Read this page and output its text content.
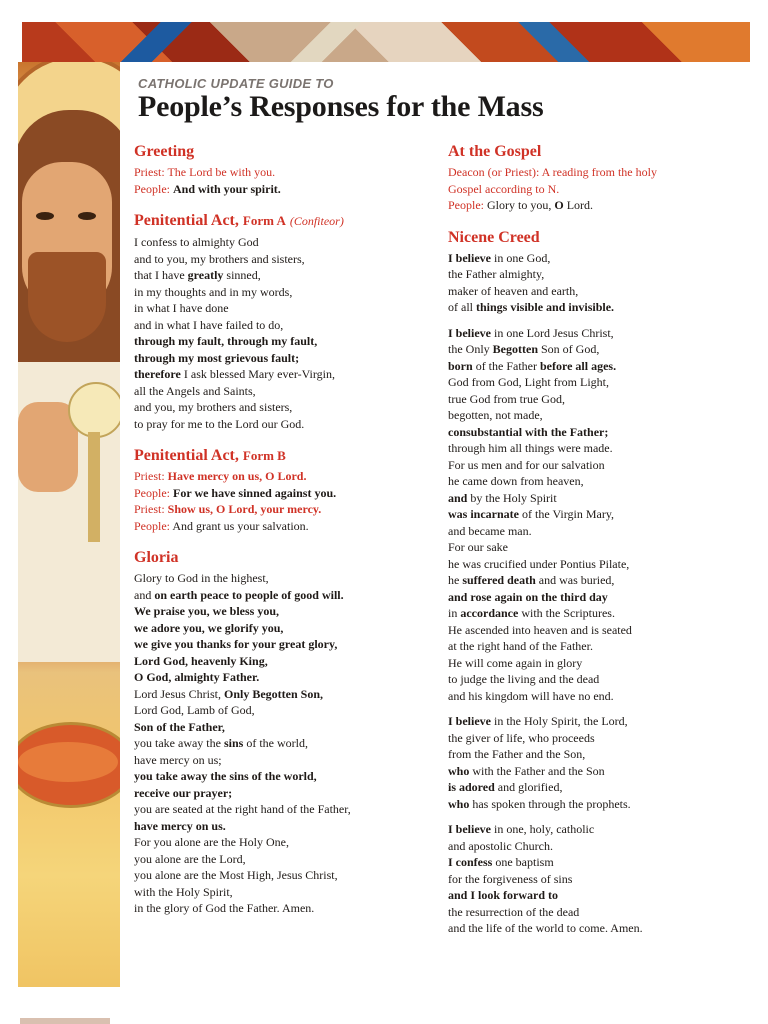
CATHOLIC UPDATE GUIDE TO
People’s Responses for the Mass
Greeting
Priest: The Lord be with you.
People: And with your spirit.
Penitential Act, Form A (Confiteor)
I confess to almighty God
and to you, my brothers and sisters,
that I have greatly sinned,
in my thoughts and in my words,
in what I have done
and in what I have failed to do,
through my fault, through my fault,
through my most grievous fault;
therefore I ask blessed Mary ever-Virgin,
all the Angels and Saints,
and you, my brothers and sisters,
to pray for me to the Lord our God.
Penitential Act, Form B
Priest: Have mercy on us, O Lord.
People: For we have sinned against you.
Priest: Show us, O Lord, your mercy.
People: And grant us your salvation.
Gloria
Glory to God in the highest,
and on earth peace to people of good will.
We praise you, we bless you,
we adore you, we glorify you,
we give you thanks for your great glory,
Lord God, heavenly King,
O God, almighty Father.
Lord Jesus Christ, Only Begotten Son,
Lord God, Lamb of God,
Son of the Father,
you take away the sins of the world,
have mercy on us;
you take away the sins of the world,
receive our prayer;
you are seated at the right hand of the Father,
have mercy on us.
For you alone are the Holy One,
you alone are the Lord,
you alone are the Most High, Jesus Christ,
with the Holy Spirit,
in the glory of God the Father. Amen.
At the Gospel
Deacon (or Priest): A reading from the holy
Gospel according to N.
People: Glory to you, O Lord.
Nicene Creed
I believe in one God,
the Father almighty,
maker of heaven and earth,
of all things visible and invisible.
I believe in one Lord Jesus Christ,
the Only Begotten Son of God,
born of the Father before all ages.
God from God, Light from Light,
true God from true God,
begotten, not made,
consubstantial with the Father;
through him all things were made.
For us men and for our salvation
he came down from heaven,
and by the Holy Spirit
was incarnate of the Virgin Mary,
and became man.
For our sake
he was crucified under Pontius Pilate,
he suffered death and was buried,
and rose again on the third day
in accordance with the Scriptures.
He ascended into heaven and is seated
at the right hand of the Father.
He will come again in glory
to judge the living and the dead
and his kingdom will have no end.
I believe in the Holy Spirit, the Lord,
the giver of life, who proceeds
from the Father and the Son,
who with the Father and the Son
is adored and glorified,
who has spoken through the prophets.
I believe in one, holy, catholic
and apostolic Church.
I confess one baptism
for the forgiveness of sins
and I look forward to
the resurrection of the dead
and the life of the world to come. Amen.
